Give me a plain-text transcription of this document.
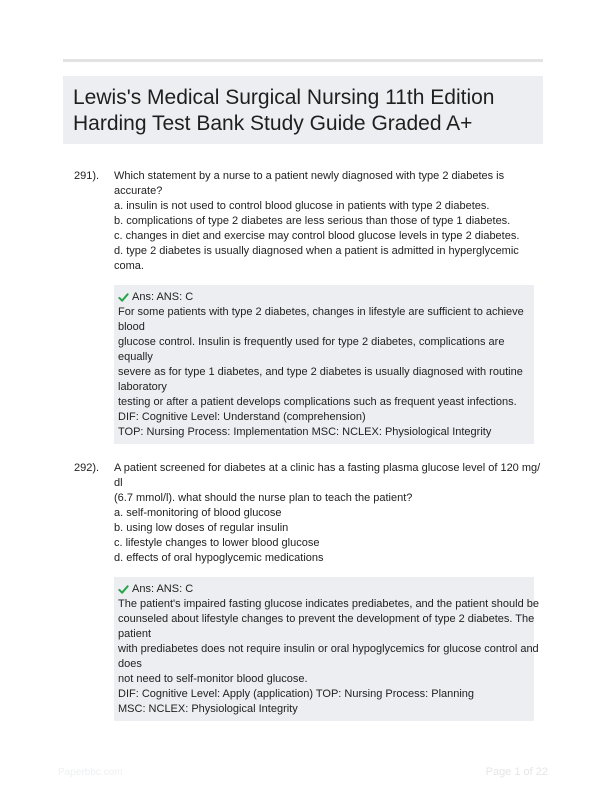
Lewis's Medical Surgical Nursing 11th Edition
Harding Test Bank Study Guide Graded A+
291). Which statement by a nurse to a patient newly diagnosed with type 2 diabetes is
accurate?
a. insulin is not used to control blood glucose in patients with type 2 diabetes.
b. complications of type 2 diabetes are less serious than those of type 1 diabetes.
c. changes in diet and exercise may control blood glucose levels in type 2 diabetes.
d. type 2 diabetes is usually diagnosed when a patient is admitted in hyperglycemic
coma.
Ans: ANS: C
For some patients with type 2 diabetes, changes in lifestyle are sufficient to achieve
blood
glucose control. Insulin is frequently used for type 2 diabetes, complications are
equally
severe as for type 1 diabetes, and type 2 diabetes is usually diagnosed with routine
laboratory
testing or after a patient develops complications such as frequent yeast infections.
DIF: Cognitive Level: Understand (comprehension)
TOP: Nursing Process: Implementation MSC: NCLEX: Physiological Integrity
292). A patient screened for diabetes at a clinic has a fasting plasma glucose level of 120 mg/
dl
(6.7 mmol/l). what should the nurse plan to teach the patient?
a. self-monitoring of blood glucose
b. using low doses of regular insulin
c. lifestyle changes to lower blood glucose
d. effects of oral hypoglycemic medications
Ans: ANS: C
The patient's impaired fasting glucose indicates prediabetes, and the patient should be
counseled about lifestyle changes to prevent the development of type 2 diabetes. The
patient
with prediabetes does not require insulin or oral hypoglycemics for glucose control and
does
not need to self-monitor blood glucose.
DIF: Cognitive Level: Apply (application) TOP: Nursing Process: Planning
MSC: NCLEX: Physiological Integrity
Paperbbc.com	Page 1 of 22
